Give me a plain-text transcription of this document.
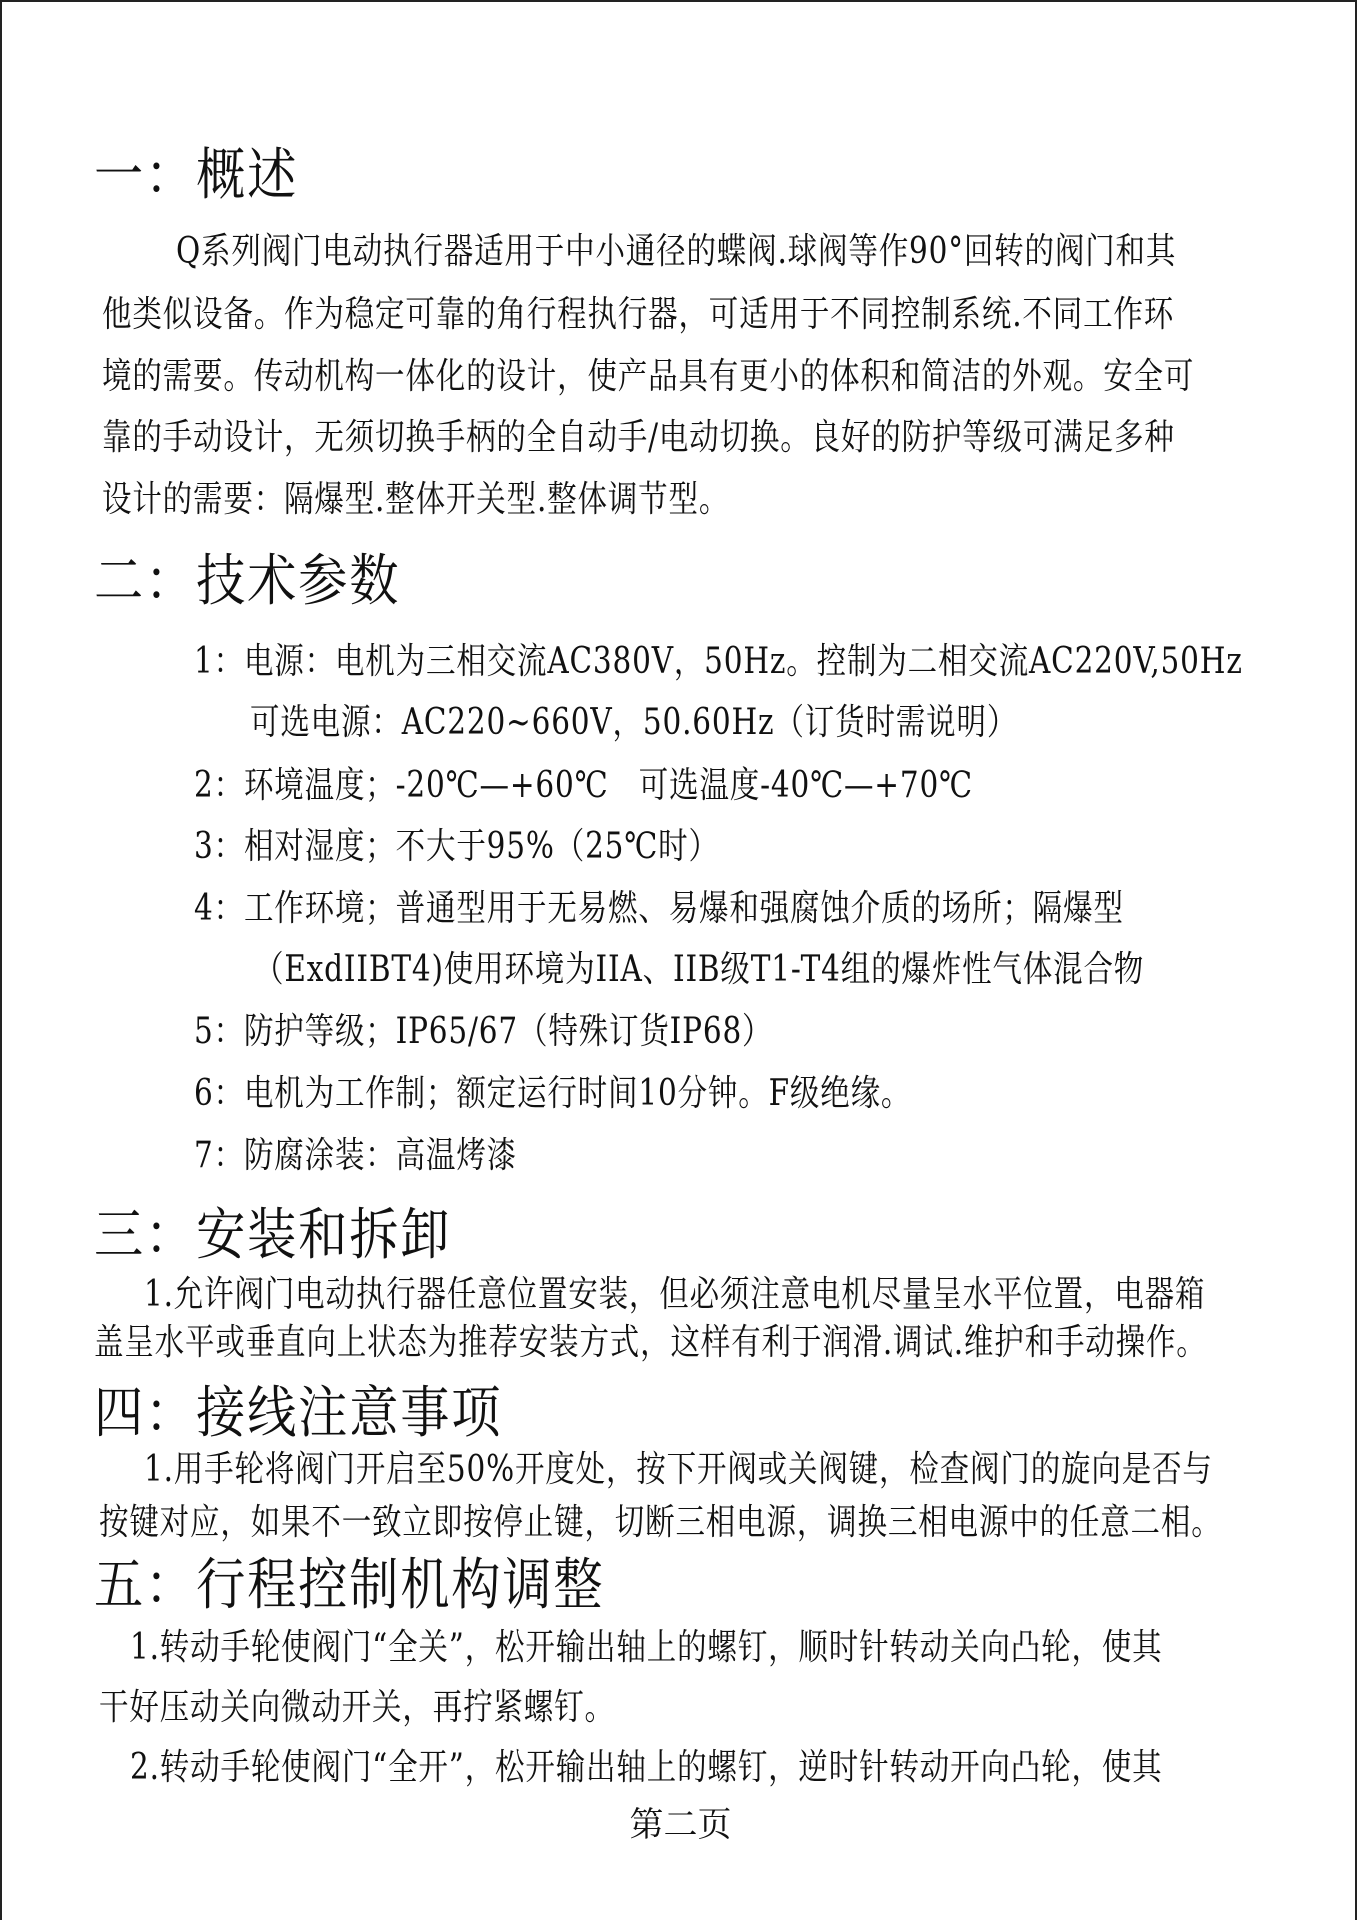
一：概述
Q系列阀门电动执行器适用于中小通径的蝶阀.球阀等作90°回转的阀门和其
他类似设备。作为稳定可靠的角行程执行器，可适用于不同控制系统.不同工作环
境的需要。传动机构一体化的设计，使产品具有更小的体积和简洁的外观。安全可
靠的手动设计，无须切换手柄的全自动手/电动切换。良好的防护等级可满足多种
设计的需要：隔爆型.整体开关型.整体调节型。
二：技术参数
1：电源：电机为三相交流AC380V，50Hz。控制为二相交流AC220V,50Hz
可选电源：AC220~660V，50.60Hz（订货时需说明）
2：环境温度；-20℃—+60℃　可选温度-40℃—+70℃
3：相对湿度；不大于95%（25℃时）
4：工作环境；普通型用于无易燃、易爆和强腐蚀介质的场所；隔爆型
（ExdIIBT4)使用环境为IIA、IIB级T1-T4组的爆炸性气体混合物
5：防护等级；IP65/67（特殊订货IP68）
6：电机为工作制；额定运行时间10分钟。F级绝缘。
7：防腐涂装：高温烤漆
三：安装和拆卸
1.允许阀门电动执行器任意位置安装，但必须注意电机尽量呈水平位置，电器箱
盖呈水平或垂直向上状态为推荐安装方式，这样有利于润滑.调试.维护和手动操作。
四：接线注意事项
1.用手轮将阀门开启至50%开度处，按下开阀或关阀键，检查阀门的旋向是否与
按键对应，如果不一致立即按停止键，切断三相电源，调换三相电源中的任意二相。
五：行程控制机构调整
1.转动手轮使阀门“全关”，松开输出轴上的螺钉，顺时针转动关向凸轮，使其
干好压动关向微动开关，再拧紧螺钉。
2.转动手轮使阀门“全开”，松开输出轴上的螺钉，逆时针转动开向凸轮，使其
第二页
